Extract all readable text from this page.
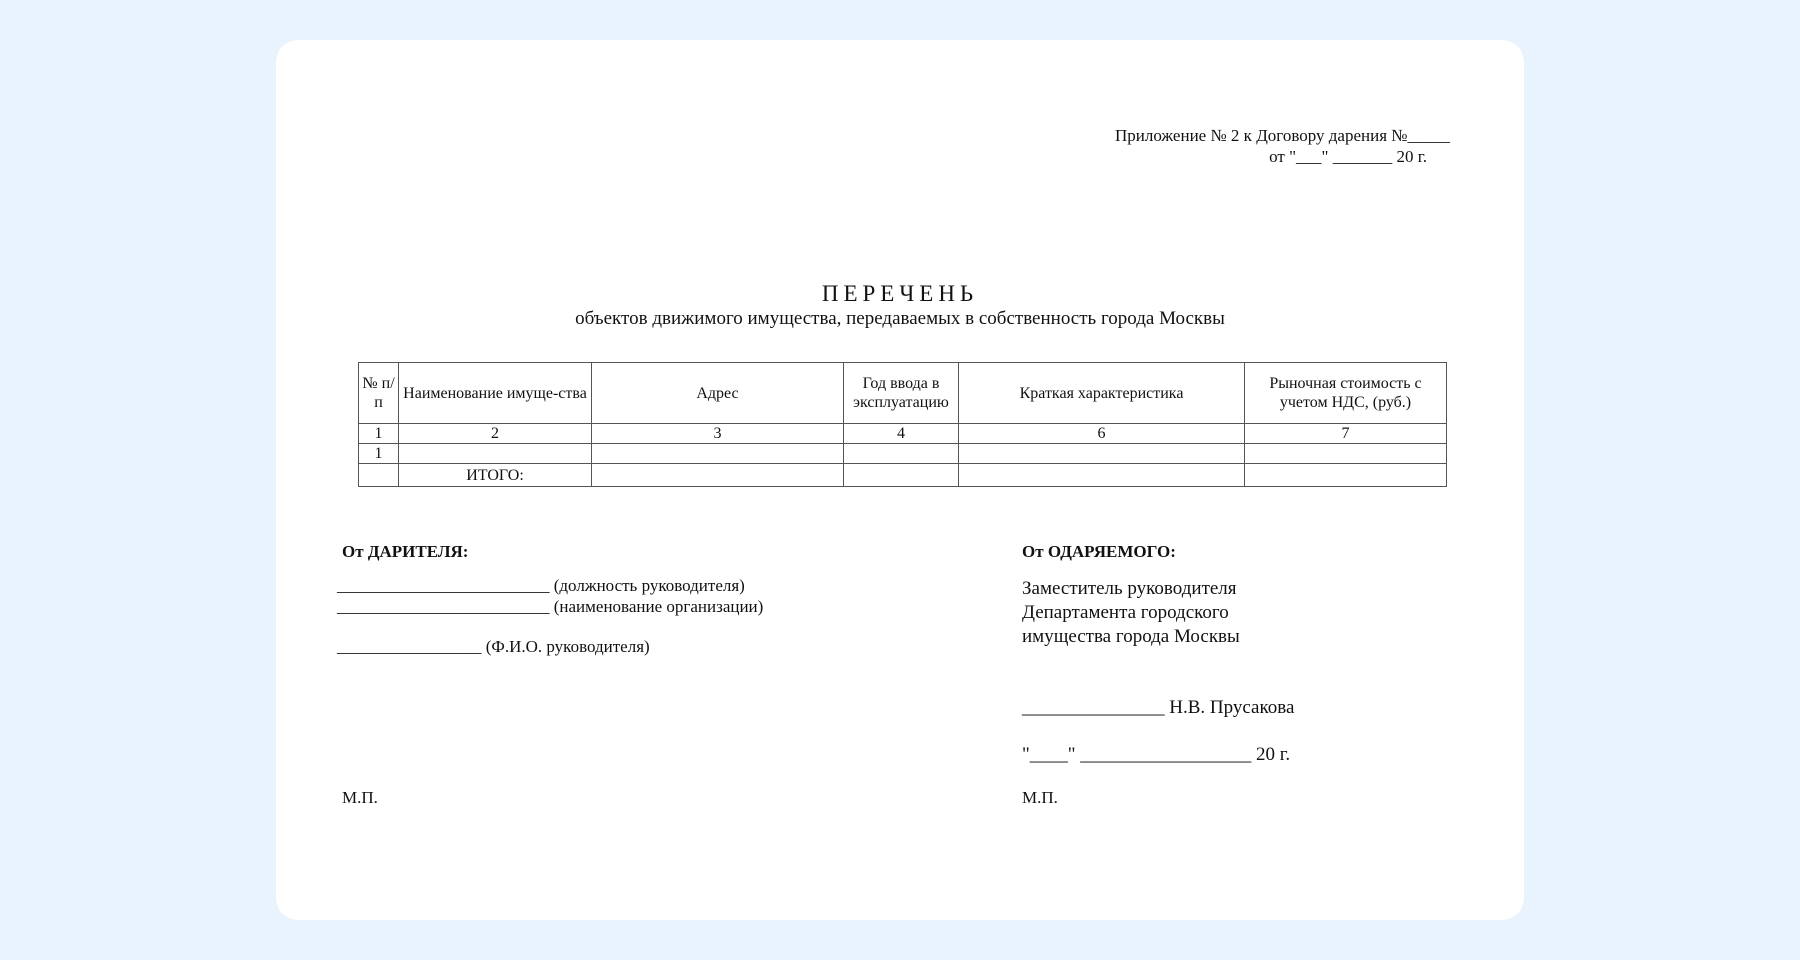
Приложение № 2 к Договору дарения №_____
от "___" _______ 20 г.
ПЕРЕЧЕНЬ
объектов движимого имущества, передаваемых в собственность города Москвы
№ п/п	Наименование имуще-ства	Адрес	Год ввода в эксплуатацию	Краткая характеристика	Рыночная стоимость с учетом НДС, (руб.)
1	2	3	4	6	7
1					
	ИТОГО:				
От ДАРИТЕЛЯ:
_________________________ (должность руководителя)
_________________________ (наименование организации)
_________________ (Ф.И.О. руководителя)
М.П.
От ОДАРЯЕМОГО:
Заместитель руководителя
Департамента городского
имущества города Москвы
_______________ Н.В. Прусакова
"____" __________________ 20 г.
М.П.
